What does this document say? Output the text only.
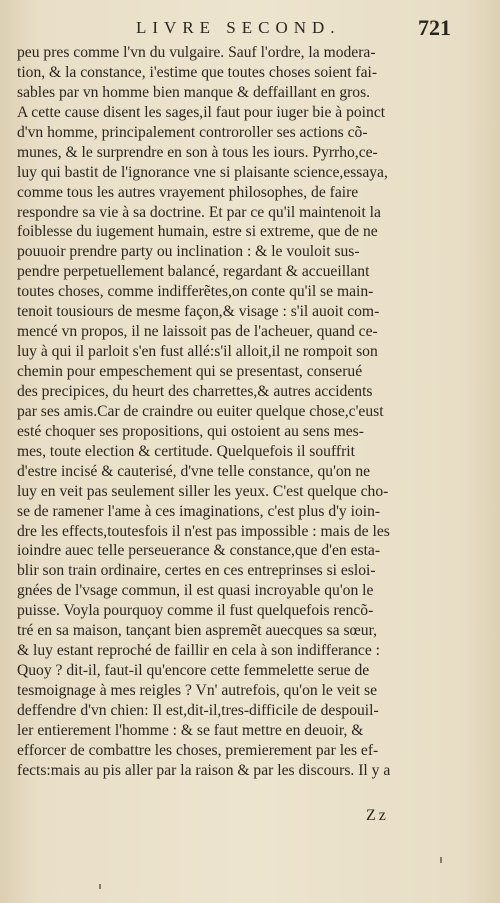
LIVRE SECOND.	721
peu pres comme l'vn du vulgaire. Sauf l'ordre, la modera-
tion, & la constance, i'estime que toutes choses soient fai-
sables par vn homme bien manque & deffaillant en gros.
A cette cause disent les sages,il faut pour iuger bie à poinct
d'vn homme, principalement controroller ses actions cõ-
munes, & le surprendre en son à tous les iours. Pyrrho,ce-
luy qui bastit de l'ignorance vne si plaisante science,essaya,
comme tous les autres vrayement philosophes, de faire
respondre sa vie à sa doctrine. Et par ce qu'il maintenoit la
foiblesse du iugement humain, estre si extreme, que de ne
pouuoir prendre party ou inclination : & le vouloit sus-
pendre perpetuellement balancé, regardant & accueillant
toutes choses, comme indifferẽtes,on conte qu'il se main-
tenoit tousiours de mesme façon,& visage : s'il auoit com-
mencé vn propos, il ne laissoit pas de l'acheuer, quand ce-
luy à qui il parloit s'en fust allé:s'il alloit,il ne rompoit son
chemin pour empeschement qui se presentast, conserué
des precipices, du heurt des charrettes,& autres accidents
par ses amis.Car de craindre ou euiter quelque chose,c'eust
esté choquer ses propositions, qui ostoient au sens mes-
mes, toute election & certitude. Quelquefois il souffrit
d'estre incisé & cauterisé, d'vne telle constance, qu'on ne
luy en veit pas seulement siller les yeux. C'est quelque cho-
se de ramener l'ame à ces imaginations, c'est plus d'y ioin-
dre les effects,toutesfois il n'est pas impossible : mais de les
ioindre auec telle perseuerance & constance,que d'en esta-
blir son train ordinaire, certes en ces entreprinses si esloi-
gnées de l'vsage commun, il est quasi incroyable qu'on le
puisse. Voyla pourquoy comme il fust quelquefois rencõ-
tré en sa maison, tançant bien aspremẽt auecques sa sœur,
& luy estant reproché de faillir en cela à son indifferance :
Quoy ? dit-il, faut-il qu'encore cette femmelette serue de
tesmoignage à mes reigles ? Vn' autrefois, qu'on le veit se
deffendre d'vn chien: Il est,dit-il,tres-difficile de despouil-
ler entierement l'homme : & se faut mettre en deuoir, &
efforcer de combattre les choses, premierement par les ef-
fects:mais au pis aller par la raison & par les discours. Il y a
Zz
